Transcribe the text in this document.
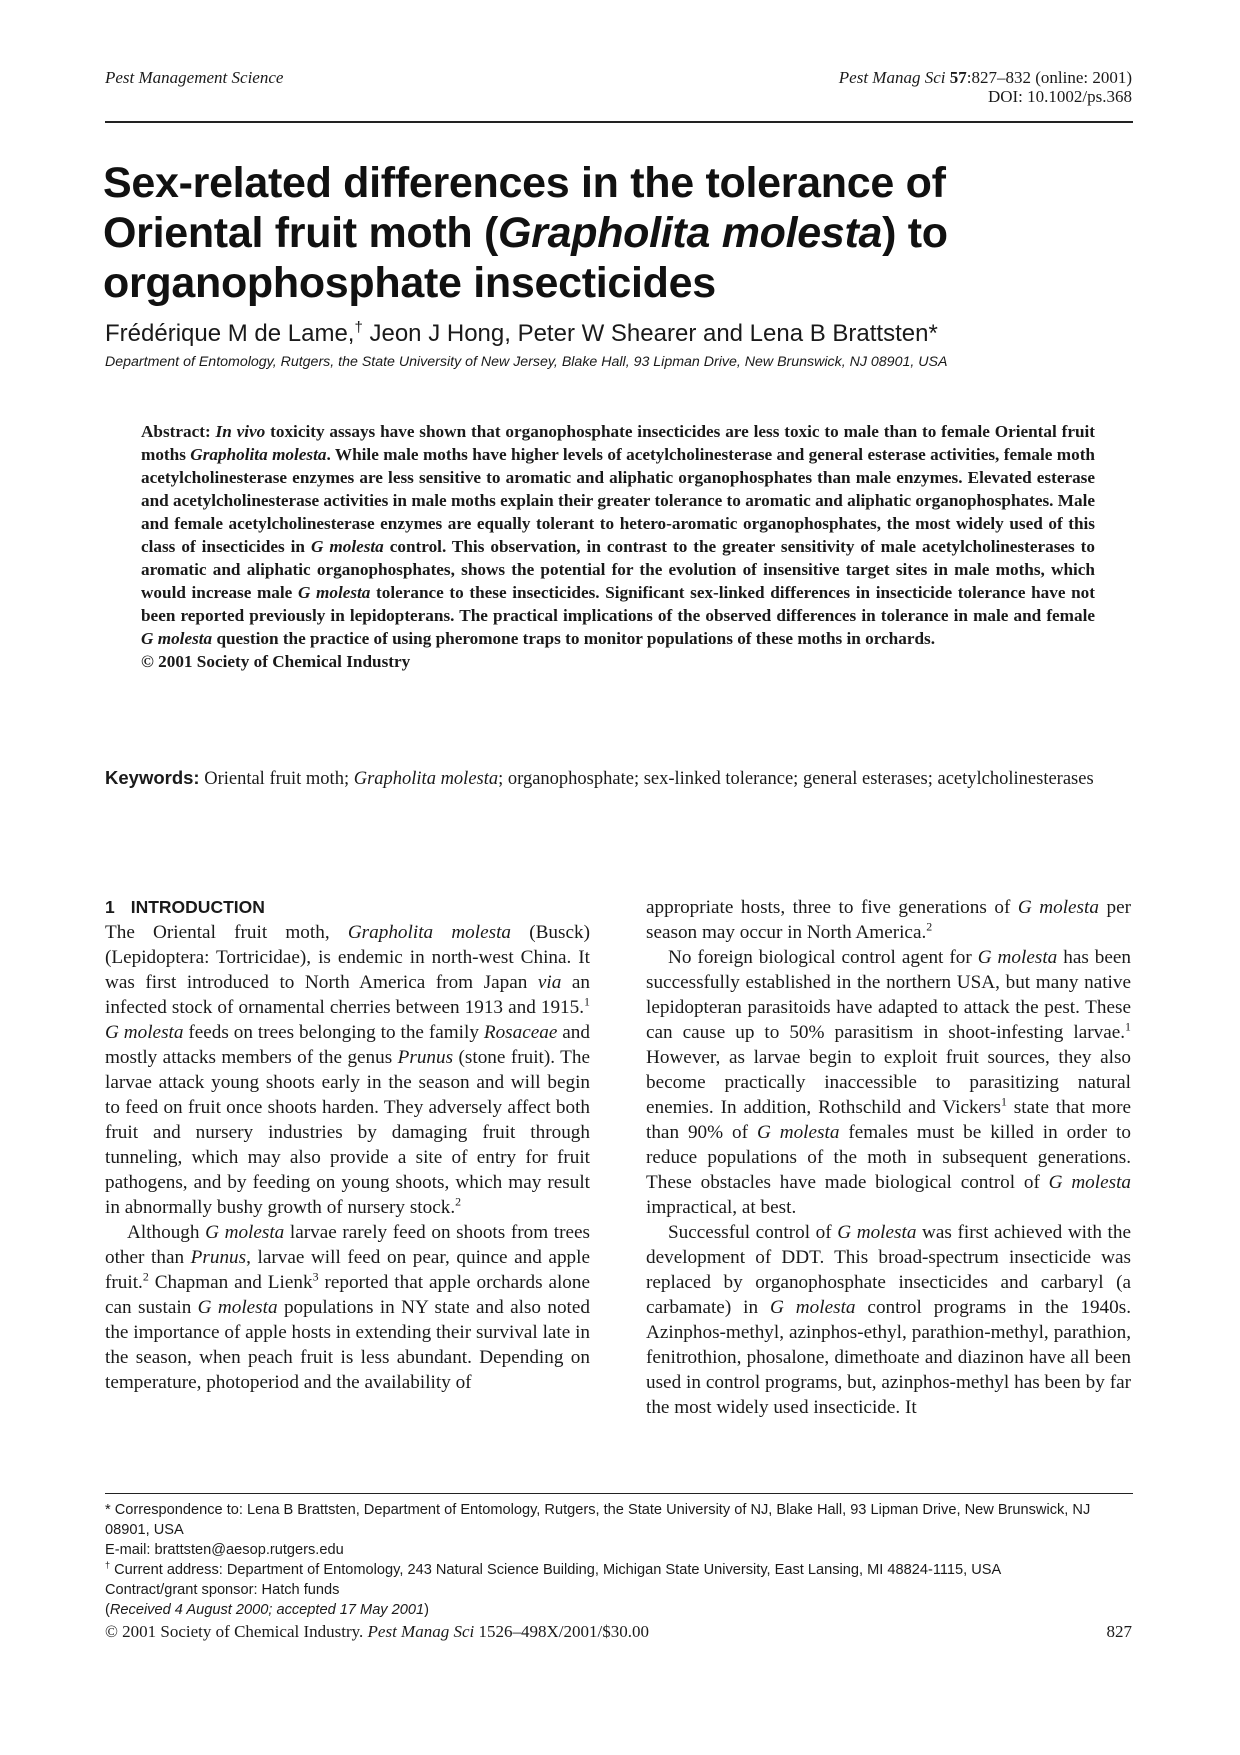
Pest Management Science	Pest Manag Sci 57:827–832 (online: 2001)
DOI: 10.1002/ps.368
Sex-related differences in the tolerance of
Oriental fruit moth (Grapholita molesta) to
organophosphate insecticides
Frédérique M de Lame,† Jeon J Hong, Peter W Shearer and Lena B Brattsten*
Department of Entomology, Rutgers, the State University of New Jersey, Blake Hall, 93 Lipman Drive, New Brunswick, NJ 08901, USA
Abstract: In vivo toxicity assays have shown that organophosphate insecticides are less toxic to male than to female Oriental fruit moths Grapholita molesta. While male moths have higher levels of acetylcholinesterase and general esterase activities, female moth acetylcholinesterase enzymes are less sensitive to aromatic and aliphatic organophosphates than male enzymes. Elevated esterase and acetylcholinesterase activities in male moths explain their greater tolerance to aromatic and aliphatic organophosphates. Male and female acetylcholinesterase enzymes are equally tolerant to hetero-aromatic organophosphates, the most widely used of this class of insecticides in G molesta control. This observation, in contrast to the greater sensitivity of male acetylcholinesterases to aromatic and aliphatic organophosphates, shows the potential for the evolution of insensitive target sites in male moths, which would increase male G molesta tolerance to these insecticides. Significant sex-linked differences in insecticide tolerance have not been reported previously in lepidopterans. The practical implications of the observed differences in tolerance in male and female G molesta question the practice of using pheromone traps to monitor populations of these moths in orchards.
© 2001 Society of Chemical Industry
Keywords: Oriental fruit moth; Grapholita molesta; organophosphate; sex-linked tolerance; general esterases; acetylcholinesterases
1 INTRODUCTION

The Oriental fruit moth, Grapholita molesta (Busck) (Lepidoptera: Tortricidae), is endemic in north-west China. It was first introduced to North America from Japan via an infected stock of ornamental cherries between 1913 and 1915.$^1$ G molesta feeds on trees belonging to the family Rosaceae and mostly attacks members of the genus Prunus (stone fruit). The larvae attack young shoots early in the season and will begin to feed on fruit once shoots harden. They adversely affect both fruit and nursery industries by damaging fruit through tunneling, which may also provide a site of entry for fruit pathogens, and by feeding on young shoots, which may result in abnormally bushy growth of nursery stock.$^2$

Although G molesta larvae rarely feed on shoots from trees other than Prunus, larvae will feed on pear, quince and apple fruit.$^2$ Chapman and Lienk$^3$ reported that apple orchards alone can sustain G molesta populations in NY state and also noted the importance of apple hosts in extending their survival late in the season, when peach fruit is less abundant. Depending on temperature, photoperiod and the availability of

appropriate hosts, three to five generations of G molesta per season may occur in North America.$^2$

No foreign biological control agent for G molesta has been successfully established in the northern USA, but many native lepidopteran parasitoids have adapted to attack the pest. These can cause up to 50% parasitism in shoot-infesting larvae.$^1$ However, as larvae begin to exploit fruit sources, they also become practically inaccessible to parasitizing natural enemies. In addition, Rothschild and Vickers$^1$ state that more than 90% of G molesta females must be killed in order to reduce populations of the moth in subsequent generations. These obstacles have made biological control of G molesta impractical, at best.

Successful control of G molesta was first achieved with the development of DDT. This broad-spectrum insecticide was replaced by organophosphate insecticides and carbaryl (a carbamate) in G molesta control programs in the 1940s. Azinphos-methyl, azinphos-ethyl, parathion-methyl, parathion, fenitrothion, phosalone, dimethoate and diazinon have all been used in control programs, but, azinphos-methyl has been by far the most widely used insecticide. It

* Correspondence to: Lena B Brattsten, Department of Entomology, Rutgers, the State University of NJ, Blake Hall, 93 Lipman Drive, New Brunswick, NJ 08901, USA
E-mail: brattsten@aesop.rutgers.edu
† Current address: Department of Entomology, 243 Natural Science Building, Michigan State University, East Lansing, MI 48824-1115, USA
Contract/grant sponsor: Hatch funds
(Received 4 August 2000; accepted 17 May 2001)
© 2001 Society of Chemical Industry. Pest Manag Sci 1526–498X/2001/$30.00	827
